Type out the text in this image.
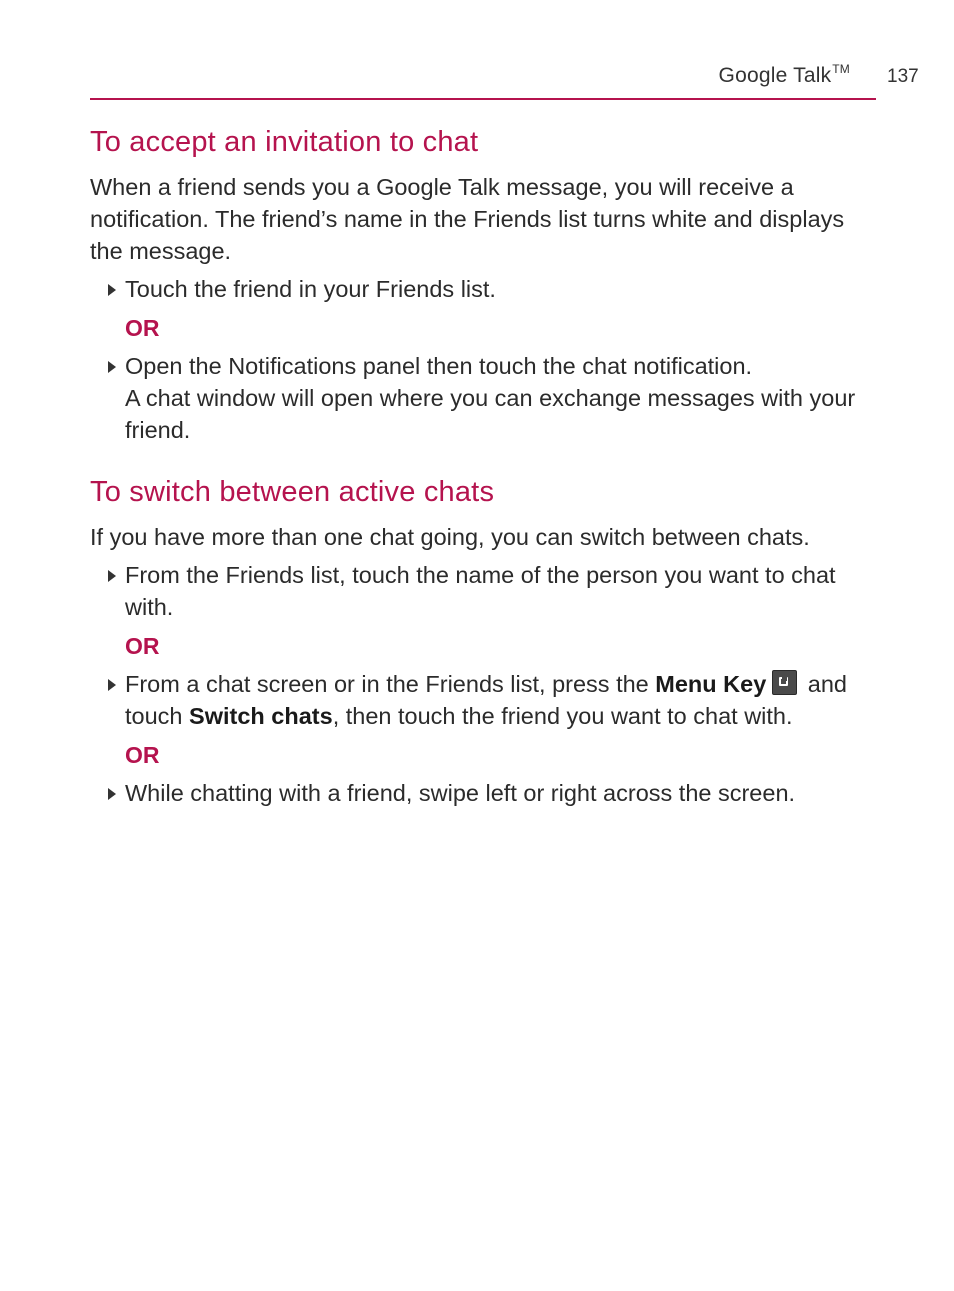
Google Talk™ 137
To accept an invitation to chat

When a friend sends you a Google Talk message, you will receive a notification. The friend’s name in the Friends list turns white and displays the message.

Touch the friend in your Friends list.
OR
Open the Notifications panel then touch the chat notification.
A chat window will open where you can exchange messages with your friend.
To switch between active chats

If you have more than one chat going, you can switch between chats.

From the Friends list, touch the name of the person you want to chat with.
OR
From a chat screen or in the Friends list, press the Menu Key and touch Switch chats, then touch the friend you want to chat with.
OR
While chatting with a friend, swipe left or right across the screen.
